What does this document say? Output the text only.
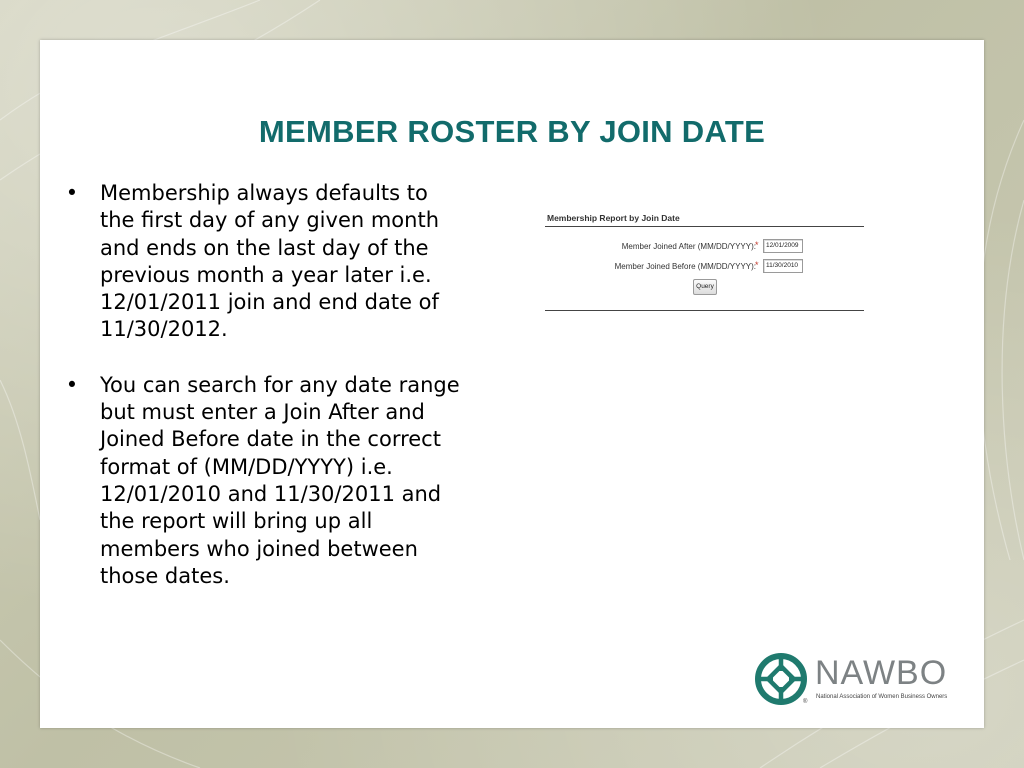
MEMBER ROSTER BY JOIN DATE
• Membership always defaults to the first day of any given month and ends on the last day of the previous month a year later i.e. 12/01/2011 join and end date of 11/30/2012.
• You can search for any date range but must enter a Join After and Joined Before date in the correct format of (MM/DD/YYYY) i.e. 12/01/2010 and 11/30/2011 and the report will bring up all members who joined between those dates.
Membership Report by Join Date
Member Joined After (MM/DD/YYYY): *	12/01/2009
Member Joined Before (MM/DD/YYYY): *	11/30/2010
Query
®
NAWBO
National Association of Women Business Owners
